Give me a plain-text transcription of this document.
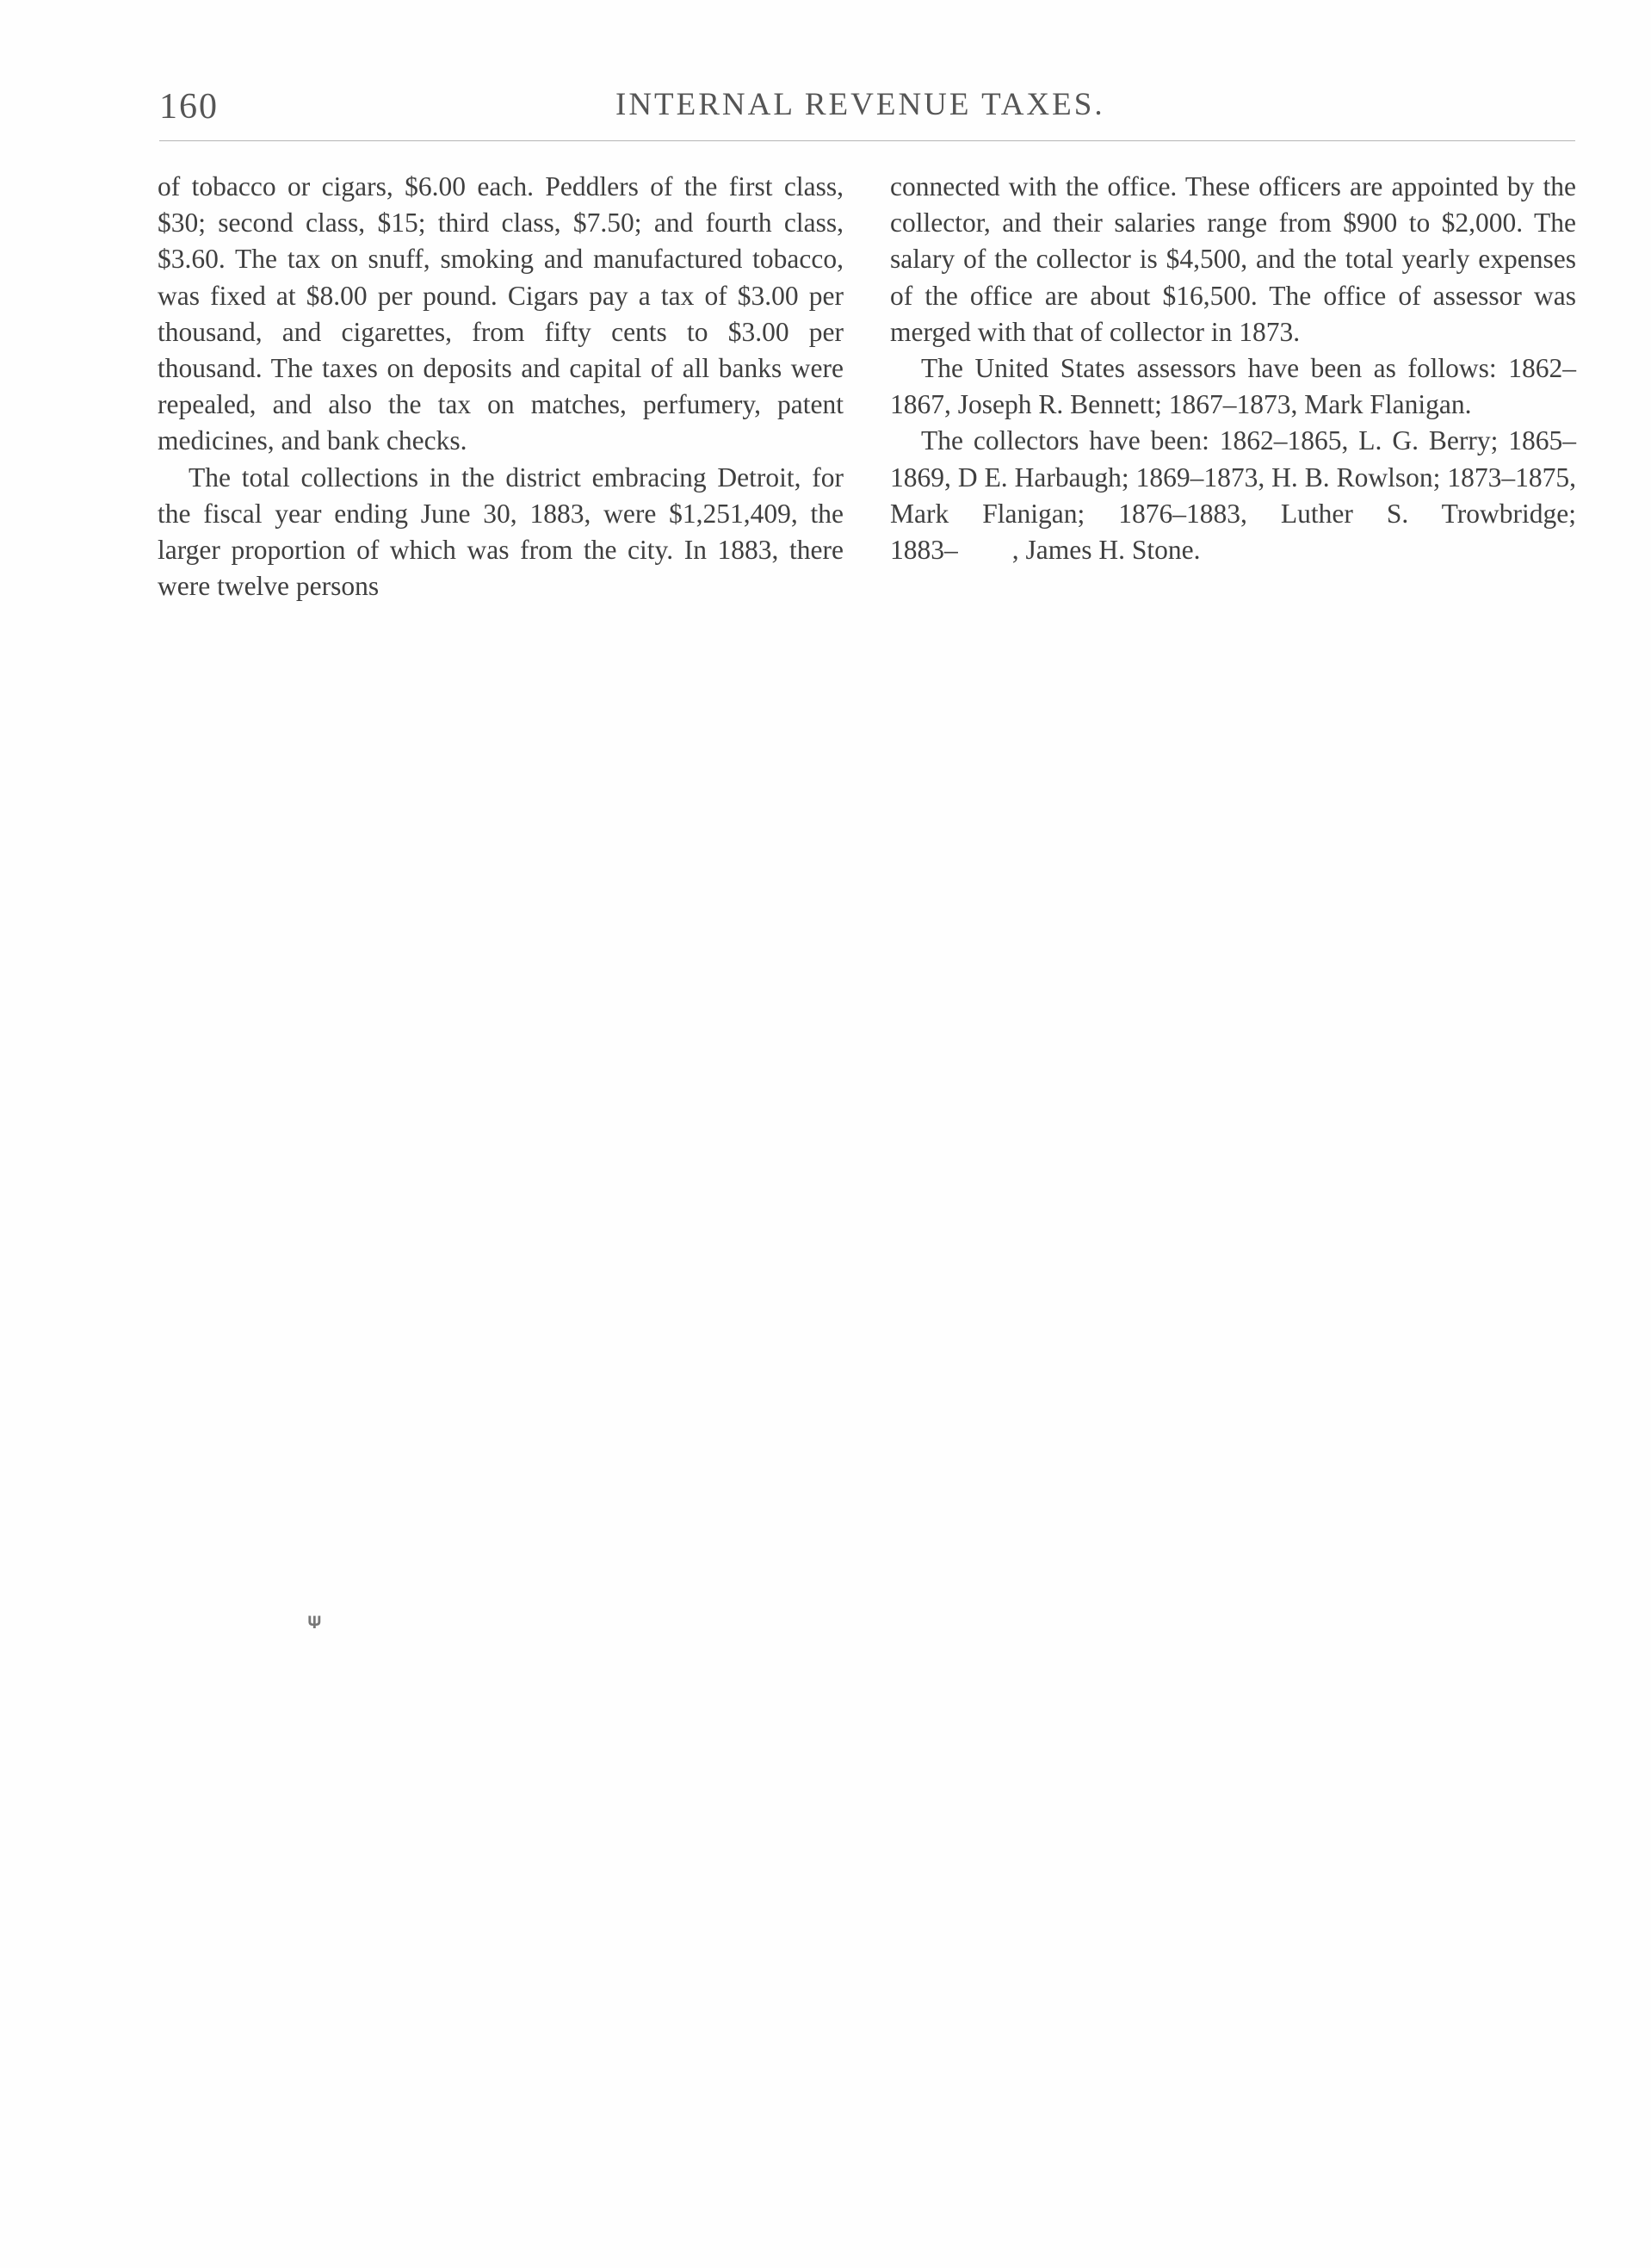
160	INTERNAL REVENUE TAXES.

of tobacco or cigars, $6.00 each. Peddlers of the first class, $30; second class, $15; third class, $7.50; and fourth class, $3.60. The tax on snuff, smoking and manufactured tobacco, was fixed at $8.00 per pound. Cigars pay a tax of $3.00 per thousand, and cigarettes, from fifty cents to $3.00 per thousand. The taxes on deposits and capital of all banks were repealed, and also the tax on matches, perfumery, patent medicines, and bank checks.

The total collections in the district embracing Detroit, for the fiscal year ending June 30, 1883, were $1,251,409, the larger proportion of which was from the city. In 1883, there were twelve persons

connected with the office. These officers are appointed by the collector, and their salaries range from $900 to $2,000. The salary of the collector is $4,500, and the total yearly expenses of the office are about $16,500. The office of assessor was merged with that of collector in 1873.

The United States assessors have been as follows: 1862–1867, Joseph R. Bennett; 1867–1873, Mark Flanigan.

The collectors have been: 1862–1865, L. G. Berry; 1865–1869, D E. Harbaugh; 1869–1873, H. B. Rowlson; 1873–1875, Mark Flanigan; 1876–1883, Luther S. Trowbridge; 1883–  , James H. Stone.

𝚿
